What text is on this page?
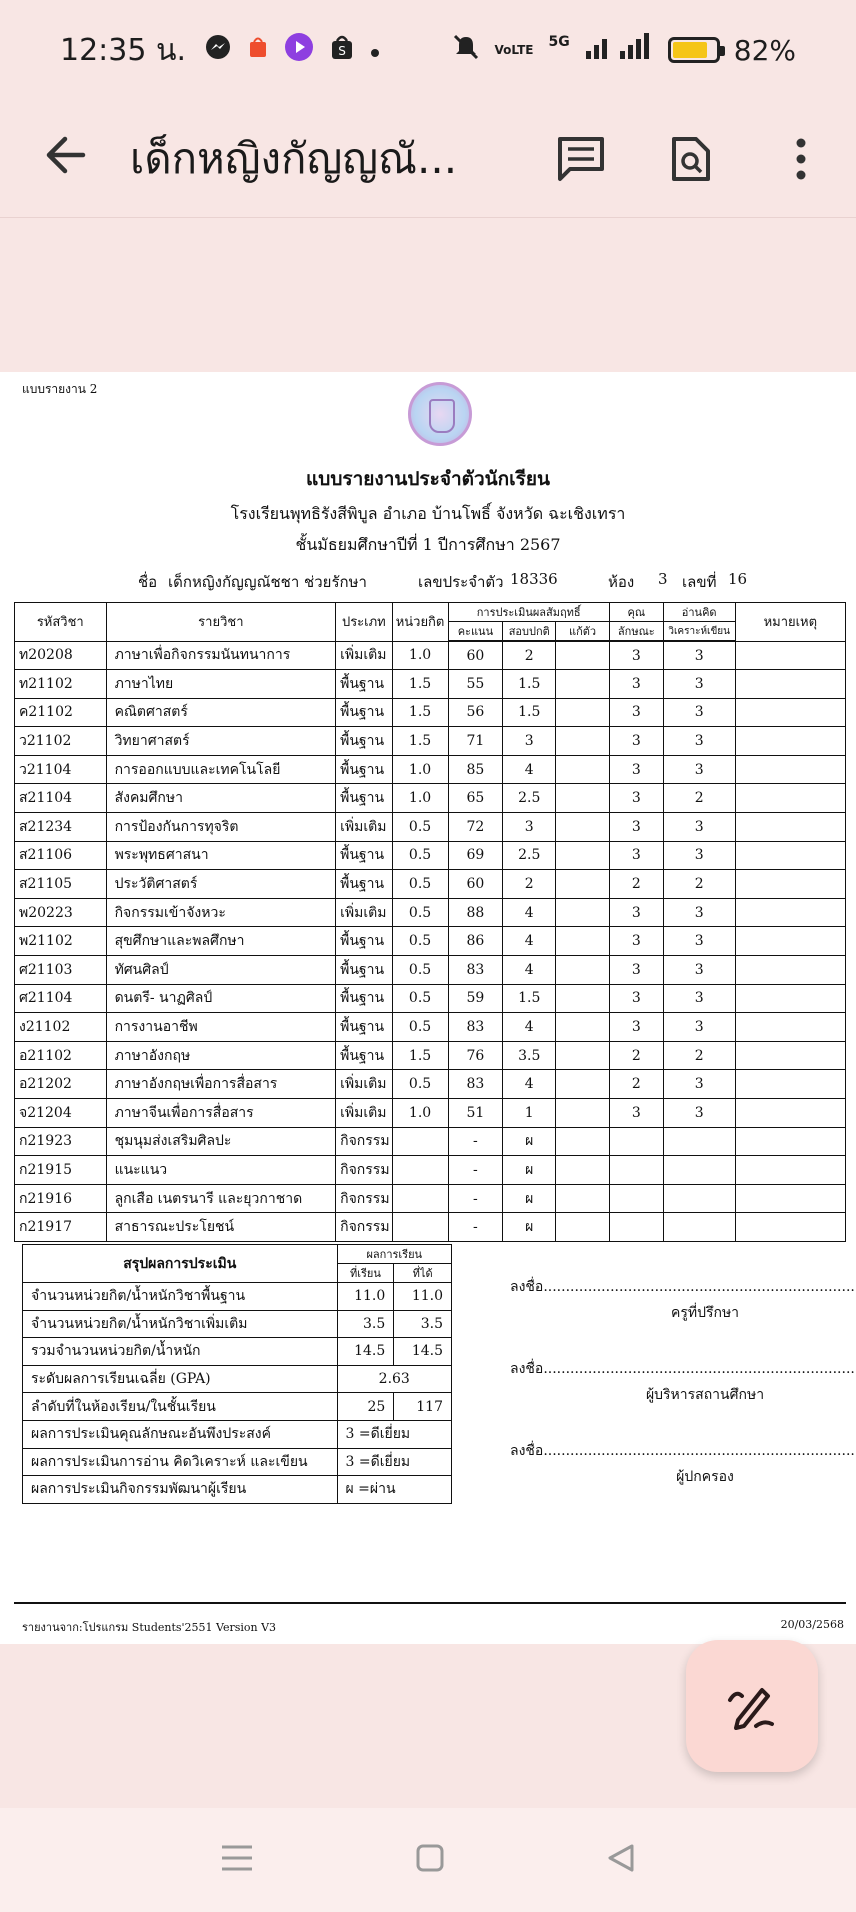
12:35 น.	S	VoLTE 5G	82%
เด็กหญิงกัญญณั...
แบบรายงาน 2
แบบรายงานประจำตัวนักเรียน
โรงเรียนพุทธิรังสีพิบูล อำเภอ บ้านโพธิ์ จังหวัด ฉะเชิงเทรา
ชั้นมัธยมศึกษาปีที่ 1 ปีการศึกษา 2567
ชื่อ เด็กหญิงกัญญณัชชา ช่วยรักษา	เลขประจำตัว 18336	ห้อง 3 เลขที่ 16
รหัสวิชา	รายวิชา	ประเภท	หน่วยกิต	การประเมินผลสัมฤทธิ์			คุณ	อ่านคิด	หมายเหตุ
				คะแนน	สอบปกติ	แก้ตัว	ลักษณะ	วิเคราะห์เขียน	
ท20208	ภาษาเพื่อกิจกรรมนันทนาการ	เพิ่มเติม	1.0	60	2		3	3	
ท21102	ภาษาไทย	พื้นฐาน	1.5	55	1.5		3	3	
ค21102	คณิตศาสตร์	พื้นฐาน	1.5	56	1.5		3	3	
ว21102	วิทยาศาสตร์	พื้นฐาน	1.5	71	3		3	3	
ว21104	การออกแบบและเทคโนโลยี	พื้นฐาน	1.0	85	4		3	3	
ส21104	สังคมศึกษา	พื้นฐาน	1.0	65	2.5		3	2	
ส21234	การป้องกันการทุจริต	เพิ่มเติม	0.5	72	3		3	3	
ส21106	พระพุทธศาสนา	พื้นฐาน	0.5	69	2.5		3	3	
ส21105	ประวัติศาสตร์	พื้นฐาน	0.5	60	2		2	2	
พ20223	กิจกรรมเข้าจังหวะ	เพิ่มเติม	0.5	88	4		3	3	
พ21102	สุขศึกษาและพลศึกษา	พื้นฐาน	0.5	86	4		3	3	
ศ21103	ทัศนศิลป์	พื้นฐาน	0.5	83	4		3	3	
ศ21104	ดนตรี- นาฏศิลป์	พื้นฐาน	0.5	59	1.5		3	3	
ง21102	การงานอาชีพ	พื้นฐาน	0.5	83	4		3	3	
อ21102	ภาษาอังกฤษ	พื้นฐาน	1.5	76	3.5		2	2	
อ21202	ภาษาอังกฤษเพื่อการสื่อสาร	เพิ่มเติม	0.5	83	4		2	3	
จ21204	ภาษาจีนเพื่อการสื่อสาร	เพิ่มเติม	1.0	51	1		3	3	
ก21923	ชุมนุมส่งเสริมศิลปะ	กิจกรรม		-	ผ				
ก21915	แนะแนว	กิจกรรม		-	ผ				
ก21916	ลูกเสือ เนตรนารี และยุวกาชาด	กิจกรรม		-	ผ				
ก21917	สาธารณะประโยชน์	กิจกรรม		-	ผ				
สรุปผลการประเมิน	ผลการเรียน	
	ที่เรียน	ที่ได้
จำนวนหน่วยกิต/น้ำหนักวิชาพื้นฐาน	11.0	11.0
จำนวนหน่วยกิต/น้ำหนักวิชาเพิ่มเติม	3.5	3.5
รวมจำนวนหน่วยกิต/น้ำหนัก	14.5	14.5
ระดับผลการเรียนเฉลี่ย (GPA)	2.63	
ลำดับที่ในห้องเรียน/ในชั้นเรียน	25	117
ผลการประเมินคุณลักษณะอันพึงประสงค์	3 =ดีเยี่ยม	
ผลการประเมินการอ่าน คิดวิเคราะห์ และเขียน	3 =ดีเยี่ยม	
ผลการประเมินกิจกรรมพัฒนาผู้เรียน	ผ =ผ่าน	
ลงชื่อ......................................................................
ครูที่ปรึกษา
ลงชื่อ......................................................................
ผู้บริหารสถานศึกษา
ลงชื่อ......................................................................
ผู้ปกครอง
รายงานจาก:โปรแกรม Students'2551 Version V3	20/03/2568
